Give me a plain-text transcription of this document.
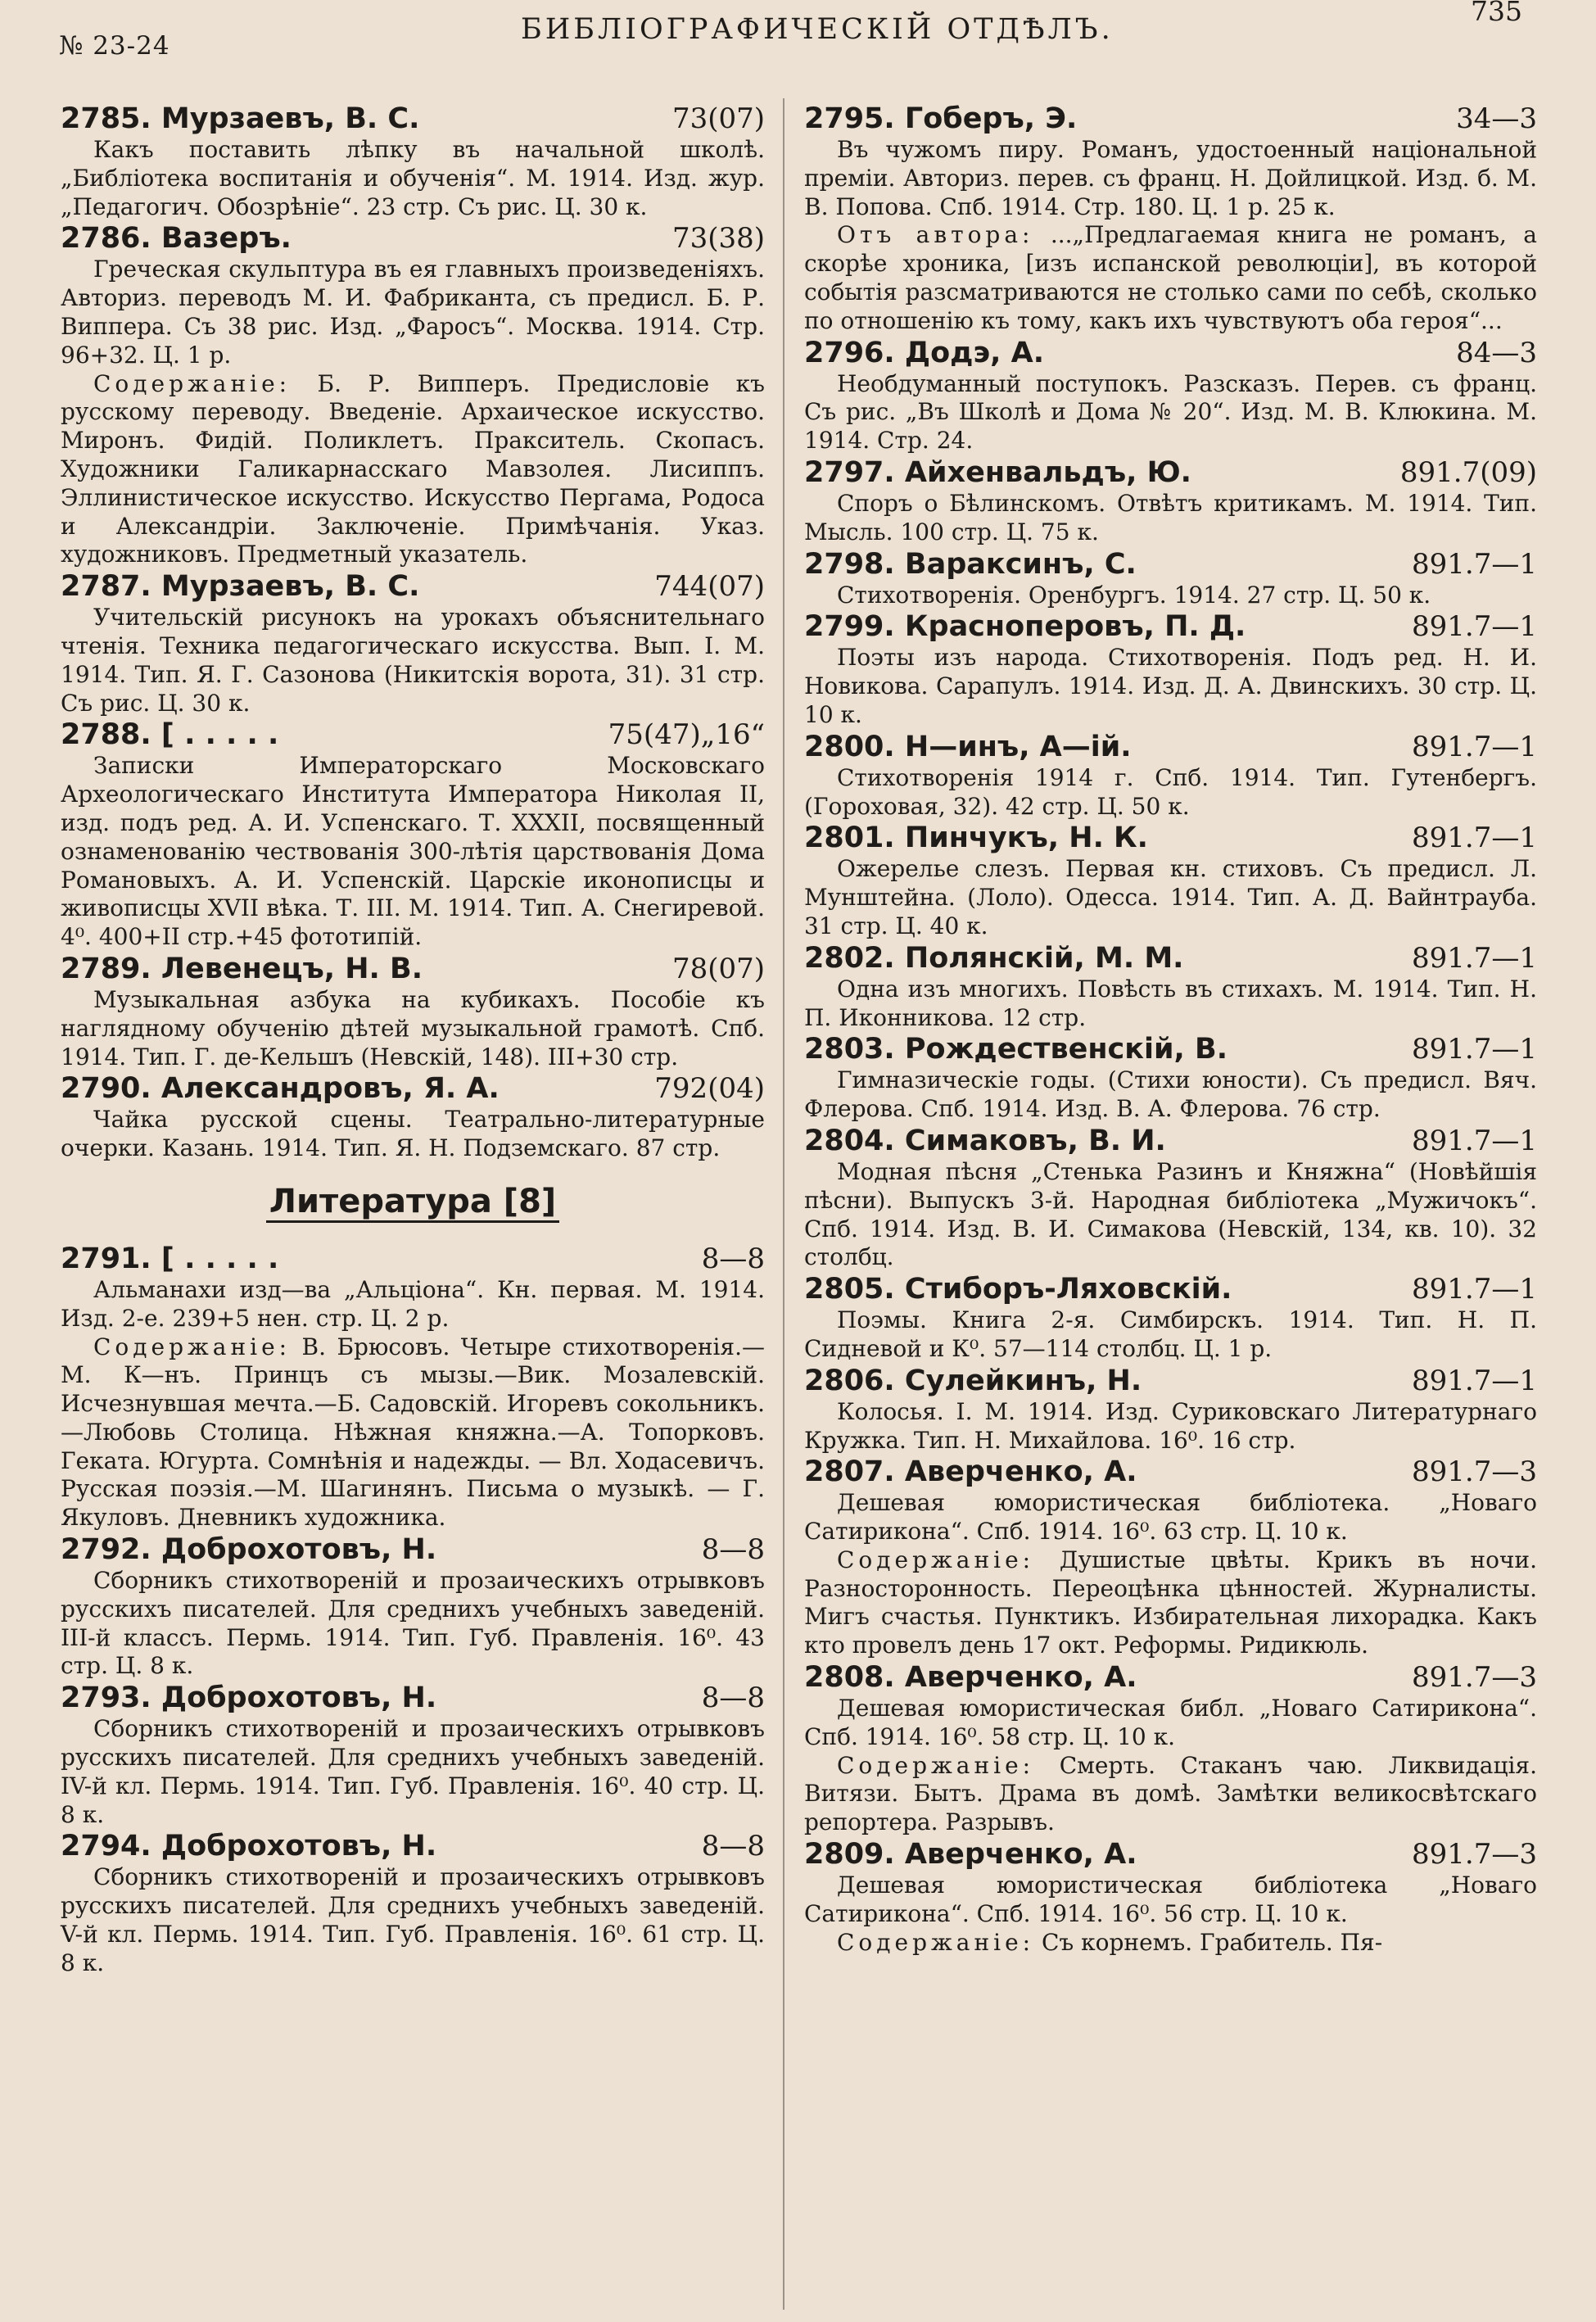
№ 23-24	БИБЛІОГРАФИЧЕСКІЙ ОТДѢЛЪ.
735
2785. Мурзаевъ, В. С.	73(07)

Какъ поставить лѣпку въ начальной школѣ. „Библіотека воспитанія и обученія“. М. 1914. Изд. жур. „Педагогич. Обозрѣніе“. 23 стр. Съ рис. Ц. 30 к.

2786. Вазеръ.	73(38)

Греческая скульптура въ ея главныхъ произведеніяхъ. Авториз. переводъ М. И. Фабриканта, съ предисл. Б. Р. Виппера. Съ 38 рис. Изд. „Фаросъ“. Москва. 1914. Стр. 96+32. Ц. 1 р.

Содержаніе: Б. Р. Випперъ. Предисловіе къ русскому переводу. Введеніе. Архаическое искусство. Миронъ. Фидій. Поликлетъ. Пракситель. Скопасъ. Художники Галикарнасскаго Мавзолея. Лисиппъ. Эллинистическое искусство. Искусство Пергама, Родоса и Александріи. Заключеніе. Примѣчанія. Указ. художниковъ. Предметный указатель.

2787. Мурзаевъ, В. С.	744(07)

Учительскій рисунокъ на урокахъ объяснительнаго чтенія. Техника педагогическаго искусства. Вып. I. М. 1914. Тип. Я. Г. Сазонова (Никитскія ворота, 31). 31 стр. Съ рис. Ц. 30 к.

2788. [ . . . . .	75(47)„16“

Записки Императорскаго Московскаго Археологическаго Института Императора Николая II, изд. подъ ред. А. И. Успенскаго. Т. XXXII, посвященный ознаменованію чествованія 300-лѣтія царствованія Дома Романовыхъ. А. И. Успенскій. Царскіе иконописцы и живописцы XVII вѣка. Т. III. М. 1914. Тип. А. Снегиревой. 4⁰. 400+II стр.+45 фототипій.

2789. Левенецъ, Н. В.	78(07)

Музыкальная азбука на кубикахъ. Пособіе къ наглядному обученію дѣтей музыкальной грамотѣ. Спб. 1914. Тип. Г. де-Кельшъ (Невскій, 148). III+30 стр.

2790. Александровъ, Я. А.	792(04)

Чайка русской сцены. Театрально-литературные очерки. Казань. 1914. Тип. Я. Н. Подземскаго. 87 стр.

Литература [8]
2791. [ . . . . .	8—8

Альманахи изд—ва „Альціона“. Кн. первая. М. 1914. Изд. 2-е. 239+5 нен. стр. Ц. 2 р.

Содержаніе: В. Брюсовъ. Четыре стихотворенія.—М. К—нъ. Принцъ съ мызы.—Вик. Мозалевскій. Исчезнувшая мечта.—Б. Садовскій. Игоревъ сокольникъ.—Любовь Столица. Нѣжная княжна.—А. Топорковъ. Геката. Югурта. Сомнѣнія и надежды. — Вл. Ходасевичъ. Русская поэзія.—М. Шагинянъ. Письма о музыкѣ. — Г. Якуловъ. Дневникъ художника.

2792. Доброхотовъ, Н.	8—8

Сборникъ стихотвореній и прозаическихъ отрывковъ русскихъ писателей. Для среднихъ учебныхъ заведеній. III-й классъ. Пермь. 1914. Тип. Губ. Правленія. 16⁰. 43 стр. Ц. 8 к.

2793. Доброхотовъ, Н.	8—8

Сборникъ стихотвореній и прозаическихъ отрывковъ русскихъ писателей. Для среднихъ учебныхъ заведеній. IV-й кл. Пермь. 1914. Тип. Губ. Правленія. 16⁰. 40 стр. Ц. 8 к.

2794. Доброхотовъ, Н.	8—8

Сборникъ стихотвореній и прозаическихъ отрывковъ русскихъ писателей. Для среднихъ учебныхъ заведеній. V-й кл. Пермь. 1914. Тип. Губ. Правленія. 16⁰. 61 стр. Ц. 8 к.

2795. Гоберъ, Э.	34—3

Въ чужомъ пиру. Романъ, удостоенный національной преміи. Авториз. перев. съ франц. Н. Дойлицкой. Изд. б. М. В. Попова. Спб. 1914. Стр. 180. Ц. 1 р. 25 к.

Отъ автора: ...„Предлагаемая книга не романъ, а скорѣе хроника, [изъ испанской революціи], въ которой событія разсматриваются не столько сами по себѣ, сколько по отношенію къ тому, какъ ихъ чувствуютъ оба героя“...

2796. Додэ, А.	84—3

Необдуманный поступокъ. Разсказъ. Перев. съ франц. Съ рис. „Въ Школѣ и Дома № 20“. Изд. М. В. Клюкина. М. 1914. Стр. 24.

2797. Айхенвальдъ, Ю.	891.7(09)

Споръ о Бѣлинскомъ. Отвѣтъ критикамъ. М. 1914. Тип. Мысль. 100 стр. Ц. 75 к.

2798. Вараксинъ, С.	891.7—1

Стихотворенія. Оренбургъ. 1914. 27 стр. Ц. 50 к.

2799. Красноперовъ, П. Д.	891.7—1

Поэты изъ народа. Стихотворенія. Подъ ред. Н. И. Новикова. Сарапулъ. 1914. Изд. Д. А. Двинскихъ. 30 стр. Ц. 10 к.

2800. Н—инъ, А—ій.	891.7—1

Стихотворенія 1914 г. Спб. 1914. Тип. Гутенбергъ. (Гороховая, 32). 42 стр. Ц. 50 к.

2801. Пинчукъ, Н. К.	891.7—1

Ожерелье слезъ. Первая кн. стиховъ. Съ предисл. Л. Мунштейна. (Лоло). Одесса. 1914. Тип. А. Д. Вайнтрауба. 31 стр. Ц. 40 к.

2802. Полянскій, М. М.	891.7—1

Одна изъ многихъ. Повѣсть въ стихахъ. М. 1914. Тип. Н. П. Иконникова. 12 стр.

2803. Рождественскій, В.	891.7—1

Гимназическіе годы. (Стихи юности). Съ предисл. Вяч. Флерова. Спб. 1914. Изд. В. А. Флерова. 76 стр.

2804. Симаковъ, В. И.	891.7—1

Модная пѣсня „Стенька Разинъ и Княжна“ (Новѣйшія пѣсни). Выпускъ 3-й. Народная библіотека „Мужичокъ“. Спб. 1914. Изд. В. И. Симакова (Невскій, 134, кв. 10). 32 столбц.

2805. Стиборъ-Ляховскій.	891.7—1

Поэмы. Книга 2-я. Симбирскъ. 1914. Тип. Н. П. Сидневой и К⁰. 57—114 столбц. Ц. 1 р.

2806. Сулейкинъ, Н.	891.7—1

Колосья. I. М. 1914. Изд. Суриковскаго Литературнаго Кружка. Тип. Н. Михайлова. 16⁰. 16 стр.

2807. Аверченко, А.	891.7—3

Дешевая юмористическая библіотека. „Новаго Сатирикона“. Спб. 1914. 16⁰. 63 стр. Ц. 10 к.

Содержаніе: Душистые цвѣты. Крикъ въ ночи. Разносторонность. Переоцѣнка цѣнностей. Журналисты. Мигъ счастья. Пунктикъ. Избирательная лихорадка. Какъ кто провелъ день 17 окт. Реформы. Ридикюль.

2808. Аверченко, А.	891.7—3

Дешевая юмористическая библ. „Новаго Сатирикона“. Спб. 1914. 16⁰. 58 стр. Ц. 10 к.

Содержаніе: Смерть. Стаканъ чаю. Ликвидація. Витязи. Бытъ. Драма въ домѣ. Замѣтки великосвѣтскаго репортера. Разрывъ.

2809. Аверченко, А.	891.7—3

Дешевая юмористическая библіотека „Новаго Сатирикона“. Спб. 1914. 16⁰. 56 стр. Ц. 10 к.

Содержаніе: Съ корнемъ. Грабитель. Пя-
